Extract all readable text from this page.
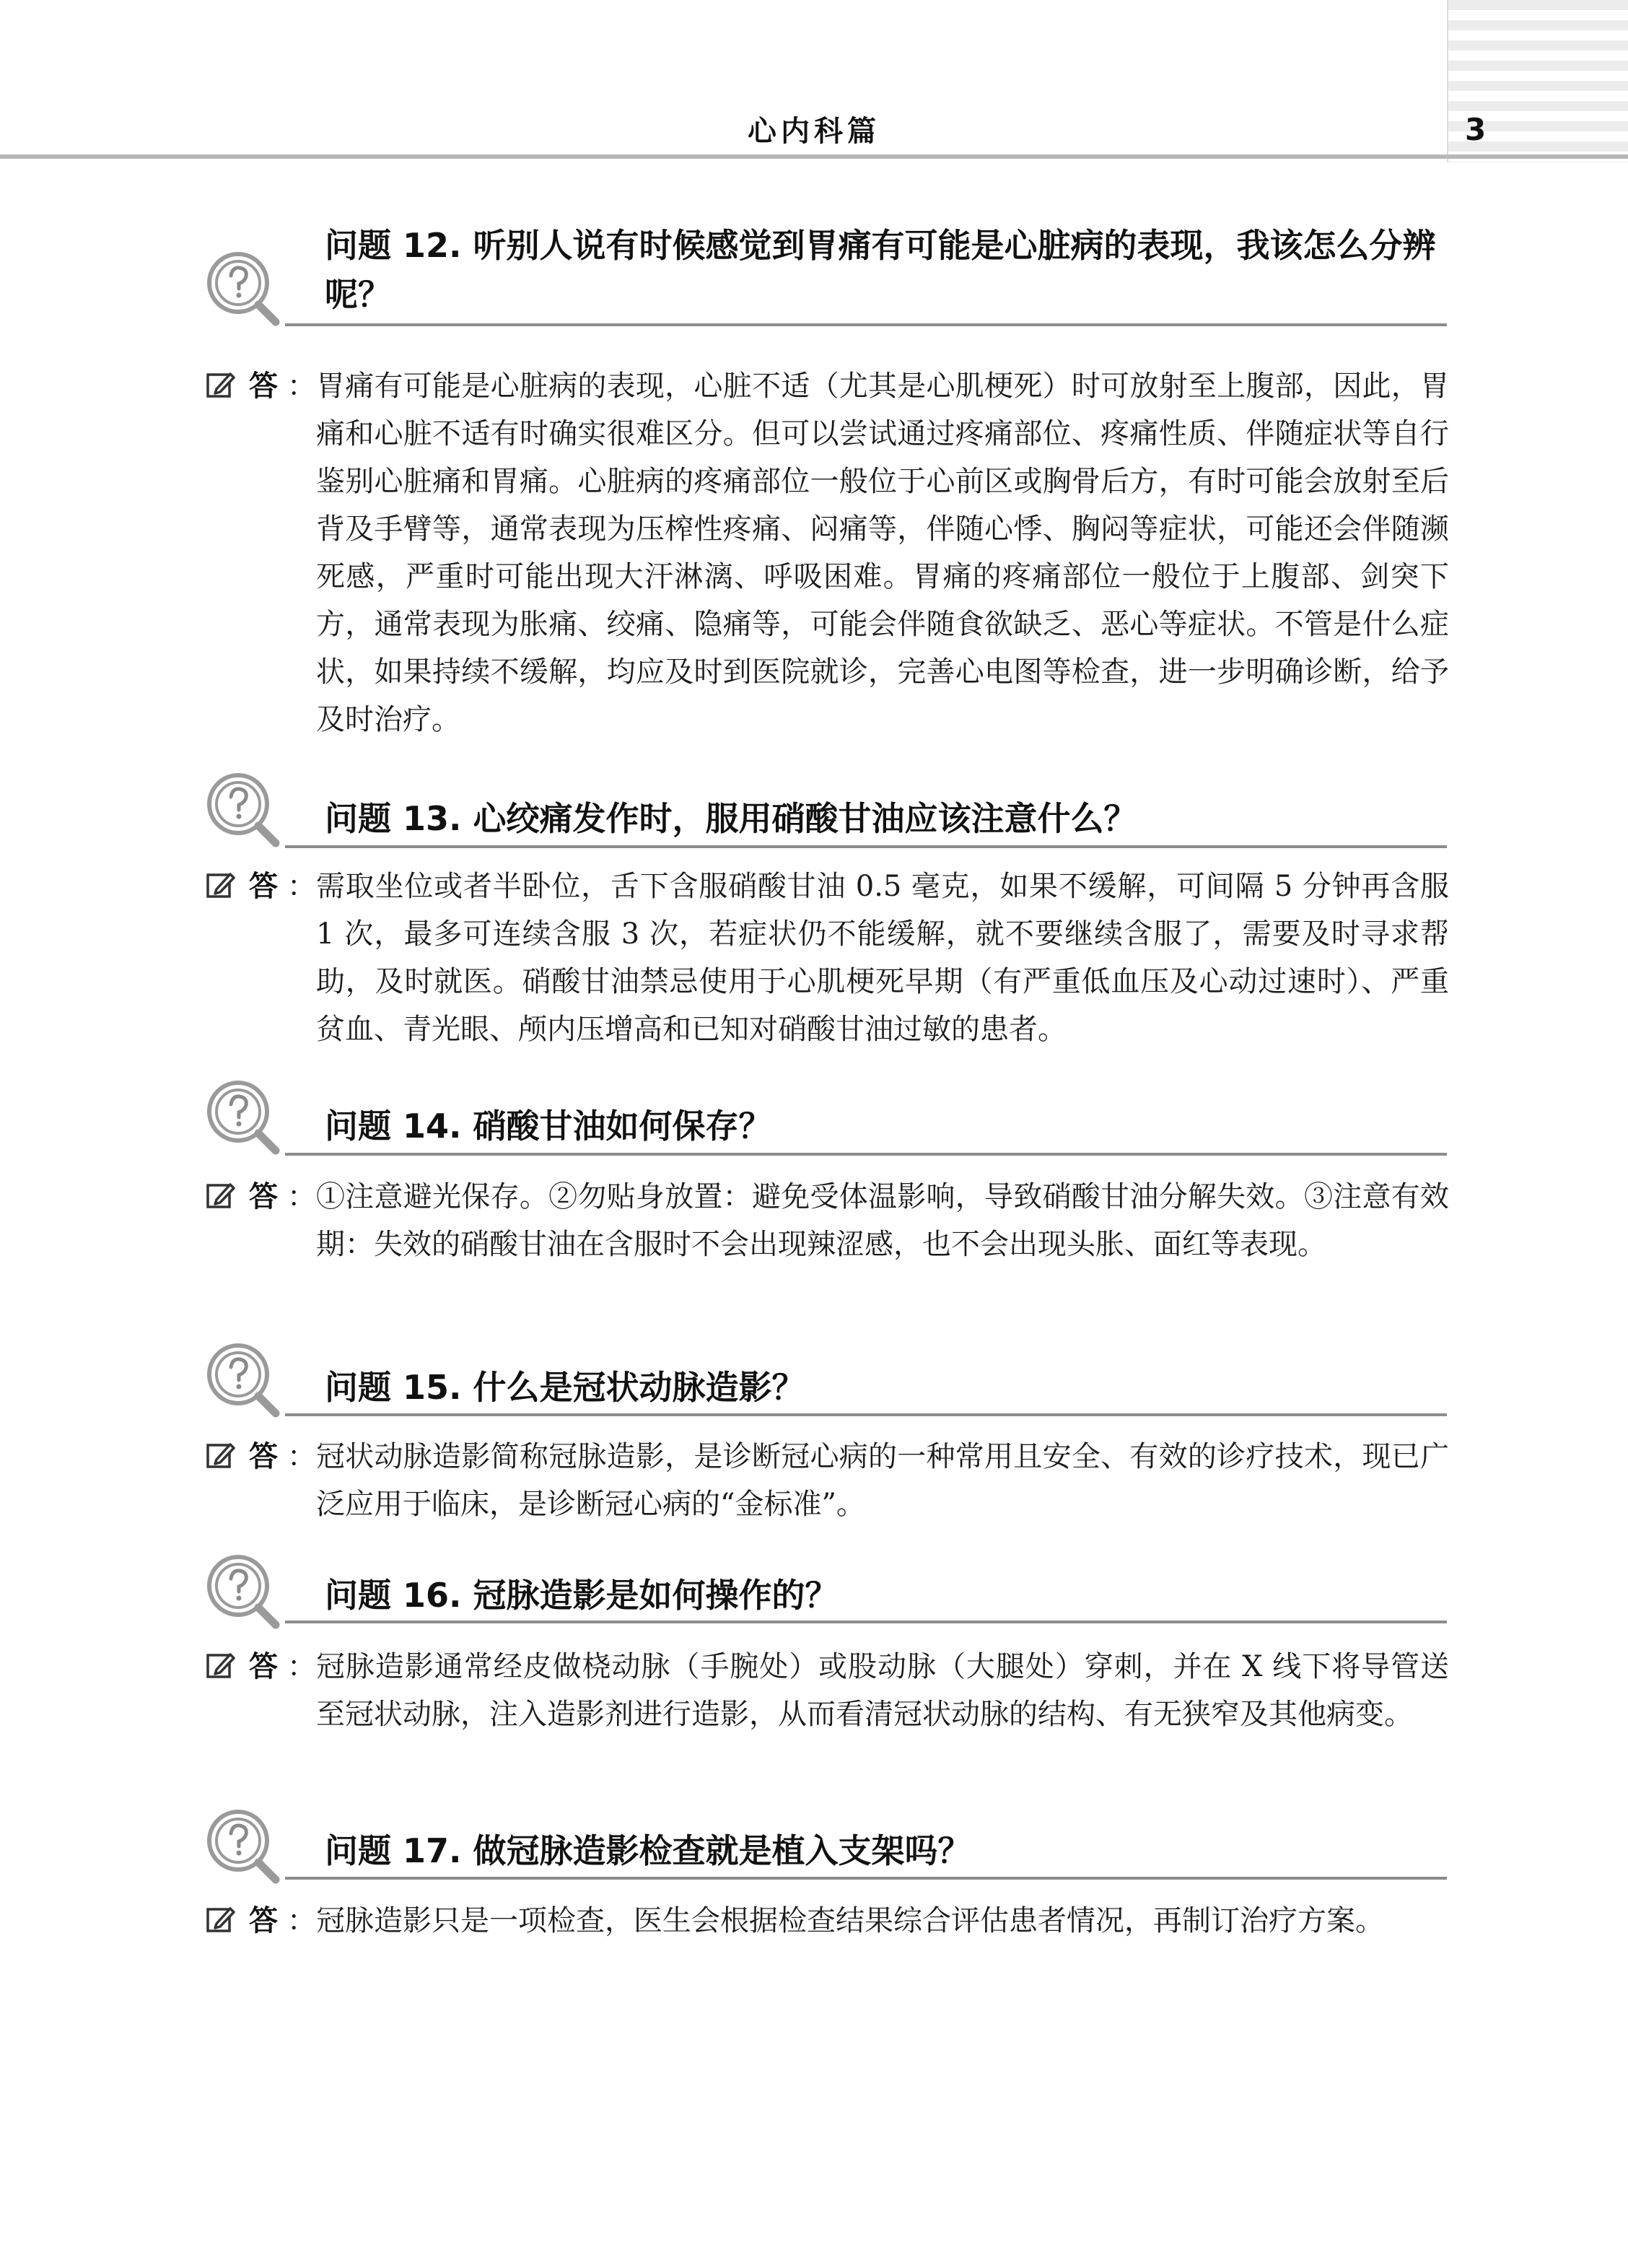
心内科篇	3

问题 12. 听别人说有时候感觉到胃痛有可能是心脏病的表现，我该怎么分辨呢？

答 ： 胃痛有可能是心脏病的表现，心脏不适（尤其是心肌梗死）时可放射至上腹部，因此，胃痛和心脏不适有时确实很难区分。但可以尝试通过疼痛部位、疼痛性质、伴随症状等自行鉴别心脏痛和胃痛。心脏病的疼痛部位一般位于心前区或胸骨后方，有时可能会放射至后背及手臂等，通常表现为压榨性疼痛、闷痛等，伴随心悸、胸闷等症状，可能还会伴随濒死感，严重时可能出现大汗淋漓、呼吸困难。胃痛的疼痛部位一般位于上腹部、剑突下方，通常表现为胀痛、绞痛、隐痛等，可能会伴随食欲缺乏、恶心等症状。不管是什么症状，如果持续不缓解，均应及时到医院就诊，完善心电图等检查，进一步明确诊断，给予及时治疗。

问题 13. 心绞痛发作时，服用硝酸甘油应该注意什么？

答 ： 需取坐位或者半卧位，舌下含服硝酸甘油 0.5 毫克，如果不缓解，可间隔 5 分钟再含服 1 次，最多可连续含服 3 次，若症状仍不能缓解，就不要继续含服了，需要及时寻求帮助，及时就医。硝酸甘油禁忌使用于心肌梗死早期（有严重低血压及心动过速时）、严重贫血、青光眼、颅内压增高和已知对硝酸甘油过敏的患者。

问题 14. 硝酸甘油如何保存？

答 ： ①注意避光保存。②勿贴身放置：避免受体温影响，导致硝酸甘油分解失效。③注意有效期：失效的硝酸甘油在含服时不会出现辣涩感，也不会出现头胀、面红等表现。

问题 15. 什么是冠状动脉造影？

答 ： 冠状动脉造影简称冠脉造影，是诊断冠心病的一种常用且安全、有效的诊疗技术，现已广泛应用于临床，是诊断冠心病的“金标准”。

问题 16. 冠脉造影是如何操作的？

答 ： 冠脉造影通常经皮做桡动脉（手腕处）或股动脉（大腿处）穿刺，并在 X 线下将导管送至冠状动脉，注入造影剂进行造影，从而看清冠状动脉的结构、有无狭窄及其他病变。

问题 17. 做冠脉造影检查就是植入支架吗？

答 ： 冠脉造影只是一项检查，医生会根据检查结果综合评估患者情况，再制订治疗方案。
